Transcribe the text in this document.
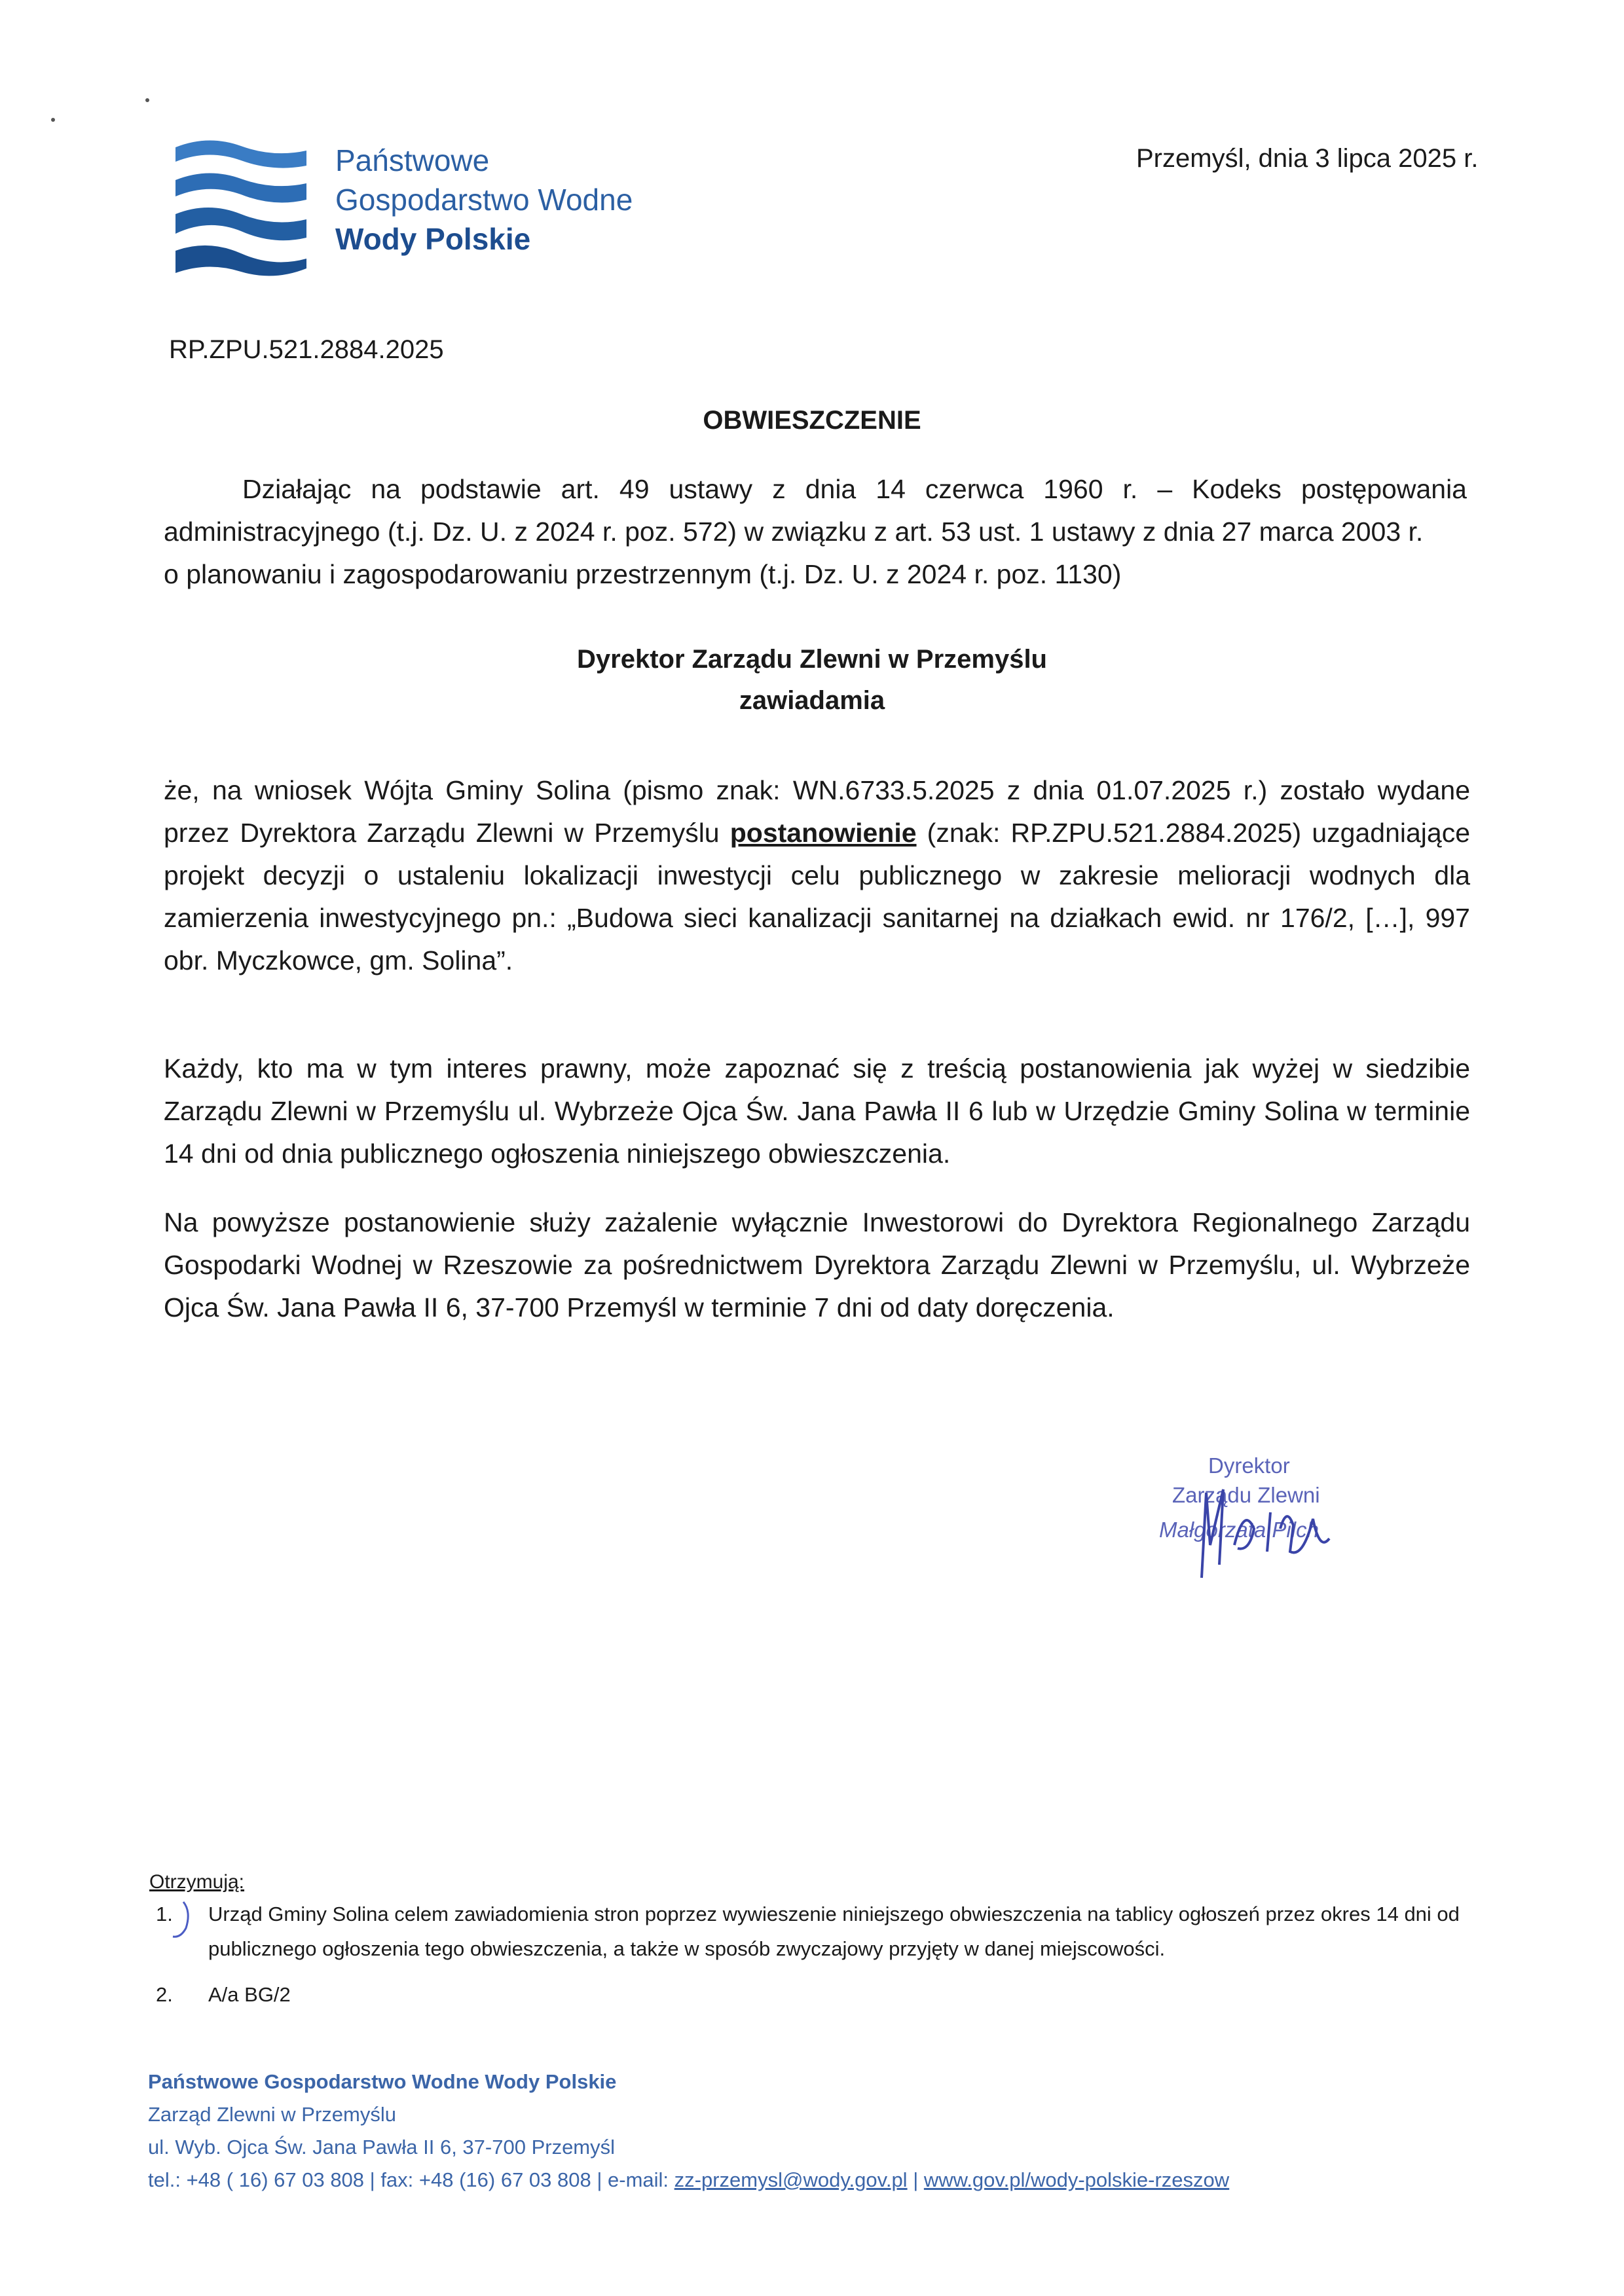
Państwowe
Gospodarstwo Wodne
Wody Polskie
Przemyśl, dnia 3 lipca 2025 r.
RP.ZPU.521.2884.2025
OBWIESZCZENIE

Działając na podstawie art. 49 ustawy z dnia 14 czerwca 1960 r. – Kodeks postępowania administracyjnego (t.j. Dz. U. z 2024 r. poz. 572) w związku z art. 53 ust. 1 ustawy z dnia 27 marca 2003 r.

o planowaniu i zagospodarowaniu przestrzennym (t.j. Dz. U. z 2024 r. poz. 1130)

Dyrektor Zarządu Zlewni w Przemyślu
zawiadamia

że, na wniosek Wójta Gminy Solina (pismo znak: WN.6733.5.2025 z dnia 01.07.2025 r.) zostało wydane przez Dyrektora Zarządu Zlewni w Przemyślu postanowienie (znak: RP.ZPU.521.2884.2025) uzgadniające projekt decyzji o ustaleniu lokalizacji inwestycji celu publicznego w zakresie melioracji wodnych dla zamierzenia inwestycyjnego pn.: „Budowa sieci kanalizacji sanitarnej na działkach ewid. nr 176/2, […], 997 obr. Myczkowce, gm. Solina”.

Każdy, kto ma w tym interes prawny, może zapoznać się z treścią postanowienia jak wyżej w siedzibie Zarządu Zlewni w Przemyślu ul. Wybrzeże Ojca Św. Jana Pawła II 6 lub w Urzędzie Gminy Solina w terminie 14 dni od dnia publicznego ogłoszenia niniejszego obwieszczenia.

Na powyższe postanowienie służy zażalenie wyłącznie Inwestorowi do Dyrektora Regionalnego Zarządu Gospodarki Wodnej w Rzeszowie za pośrednictwem Dyrektora Zarządu Zlewni w Przemyślu, ul. Wybrzeże Ojca Św. Jana Pawła II 6, 37-700 Przemyśl w terminie 7 dni od daty doręczenia.

Dyrektor
Zarządu Zlewni
Małgorzata Pilch
Otrzymują:
1. Urząd Gminy Solina celem zawiadomienia stron poprzez wywieszenie niniejszego obwieszczenia na tablicy ogłoszeń przez okres 14 dni od publicznego ogłoszenia tego obwieszczenia, a także w sposób zwyczajowy przyjęty w danej miejscowości.
2. A/a BG/2
Państwowe Gospodarstwo Wodne Wody Polskie
Zarząd Zlewni w Przemyślu
ul. Wyb. Ojca Św. Jana Pawła II 6, 37-700 Przemyśl
tel.: +48 ( 16) 67 03 808 | fax: +48 (16) 67 03 808 | e-mail: zz-przemysl@wody.gov.pl | www.gov.pl/wody-polskie-rzeszow
